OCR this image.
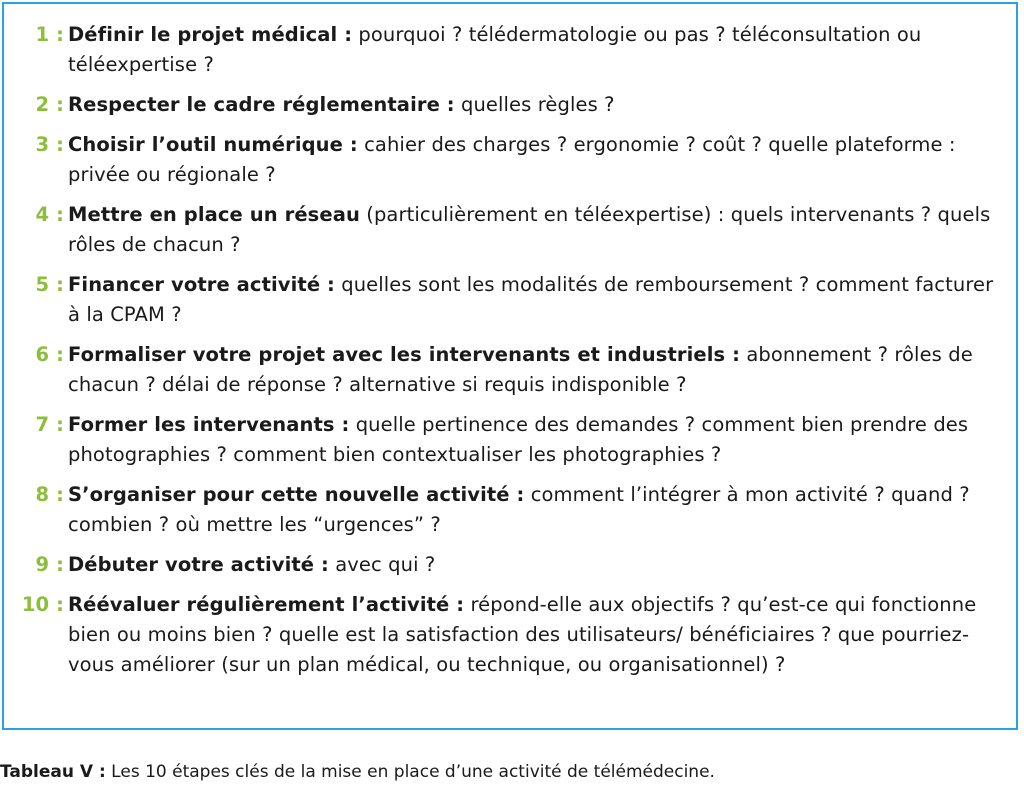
1 : Définir le projet médical : pourquoi ? télédermatologie ou pas ? téléconsultation ou téléexpertise ?
2 : Respecter le cadre réglementaire : quelles règles ?
3 : Choisir l’outil numérique : cahier des charges ? ergonomie ? coût ? quelle plateforme : privée ou régionale ?
4 : Mettre en place un réseau (particulièrement en téléexpertise) : quels intervenants ? quels rôles de chacun ?
5 : Financer votre activité : quelles sont les modalités de remboursement ? comment facturer à la CPAM ?
6 : Formaliser votre projet avec les intervenants et industriels : abonnement ? rôles de chacun ? délai de réponse ? alternative si requis indisponible ?
7 : Former les intervenants : quelle pertinence des demandes ? comment bien prendre des photographies ? comment bien contextualiser les photographies ?
8 : S’organiser pour cette nouvelle activité : comment l’intégrer à mon activité ? quand ? combien ? où mettre les “urgences” ?
9 : Débuter votre activité : avec qui ?
10 : Réévaluer régulièrement l’activité : répond-elle aux objectifs ? qu’est-ce qui fonctionne bien ou moins bien ? quelle est la satisfaction des utilisateurs/ bénéficiaires ? que pourriez-vous améliorer (sur un plan médical, ou technique, ou organisationnel) ?
Tableau V : Les 10 étapes clés de la mise en place d’une activité de télémédecine.
